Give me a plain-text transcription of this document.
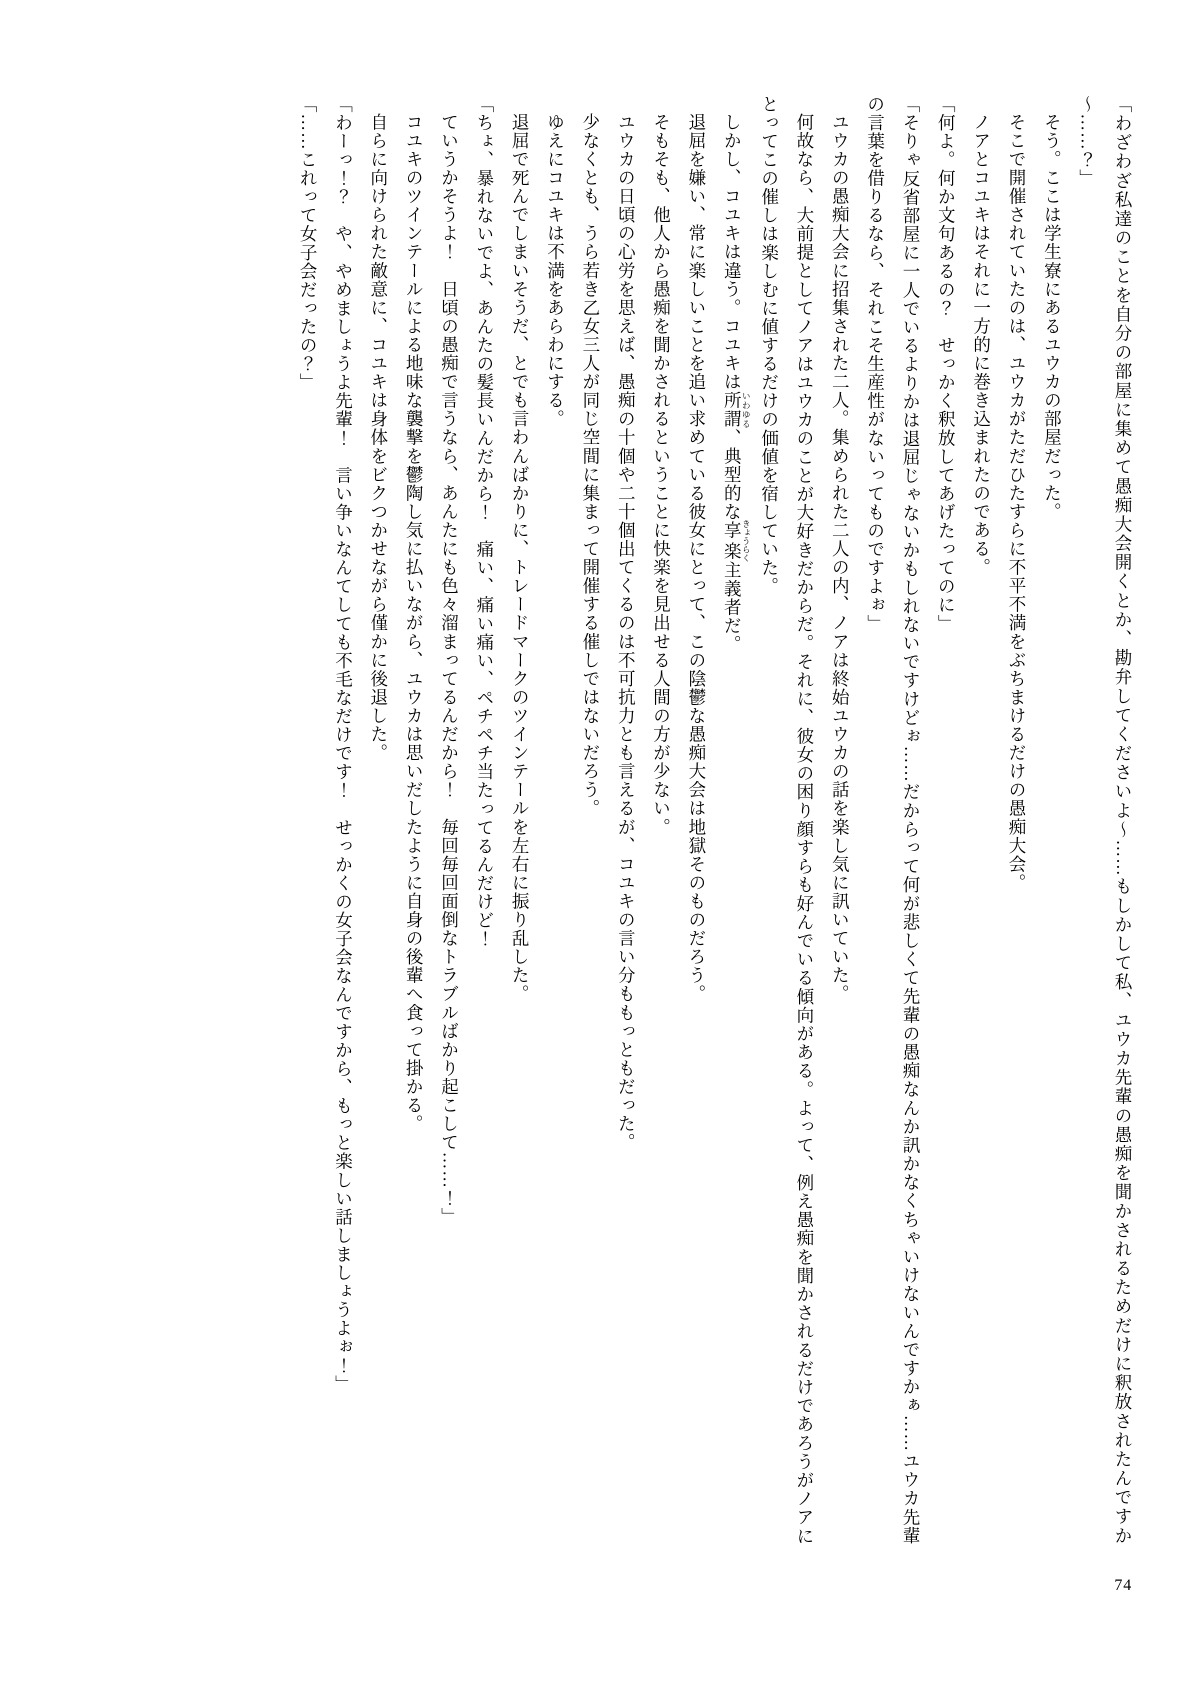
「わざわざ私達のことを自分の部屋に集めて愚痴大会開くとか、勘弁してくださいよ～……もしかして私、ユウカ先輩の愚痴を聞かされるためだけに釈放されたんですか～……？」

そう。ここは学生寮にあるユウカの部屋だった。

そこで開催されていたのは、ユウカがただひたすらに不平不満をぶちまけるだけの愚痴大会。

ノアとコユキはそれに一方的に巻き込まれたのである。

「何よ。何か文句あるの？　せっかく釈放してあげたってのに」

「そりゃ反省部屋に一人でいるよりかは退屈じゃないかもしれないですけどぉ……だからって何が悲しくて先輩の愚痴なんか訊かなくちゃいけないんですかぁ……ユウカ先輩の言葉を借りるなら、それこそ生産性がないってものですよぉ」

ユウカの愚痴大会に招集された二人。集められた二人の内、ノアは終始ユウカの話を楽し気に訊いていた。

何故なら、大前提としてノアはユウカのことが大好きだからだ。それに、彼女の困り顔すらも好んでいる傾向がある。よって、例え愚痴を聞かされるだけであろうがノアにとってこの催しは楽しむに値するだけの価値を宿していた。

しかし、コユキは違う。コユキは所謂 いわゆる、典型的な享楽 きょうらく主義者だ。

退屈を嫌い、常に楽しいことを追い求めている彼女にとって、この陰鬱な愚痴大会は地獄そのものだろう。

そもそも、他人から愚痴を聞かされるということに快楽を見出せる人間の方が少ない。

ユウカの日頃の心労を思えば、愚痴の十個や二十個出てくるのは不可抗力とも言えるが、コユキの言い分ももっともだった。

少なくとも、うら若き乙女三人が同じ空間に集まって開催する催しではないだろう。

ゆえにコユキは不満をあらわにする。

退屈で死んでしまいそうだ、とでも言わんばかりに、トレードマークのツインテールを左右に振り乱した。

「ちょ、暴れないでよ、あんたの髪長いんだから！　痛い、痛い痛い、ペチペチ当たってるんだけど！

ていうかそうよ！　日頃の愚痴で言うなら、あんたにも色々溜まってるんだから！　毎回毎回面倒なトラブルばかり起こして……！」

コユキのツインテールによる地味な襲撃を鬱陶し気に払いながら、ユウカは思いだしたように自身の後輩へ食って掛かる。

自らに向けられた敵意に、コユキは身体をビクつかせながら僅かに後退した。

「わーっ！？　や、やめましょうよ先輩！　言い争いなんてしても不毛なだけです！　せっかくの女子会なんですから、もっと楽しい話しましょうよぉ！」

「……これって女子会だったの？」

74
